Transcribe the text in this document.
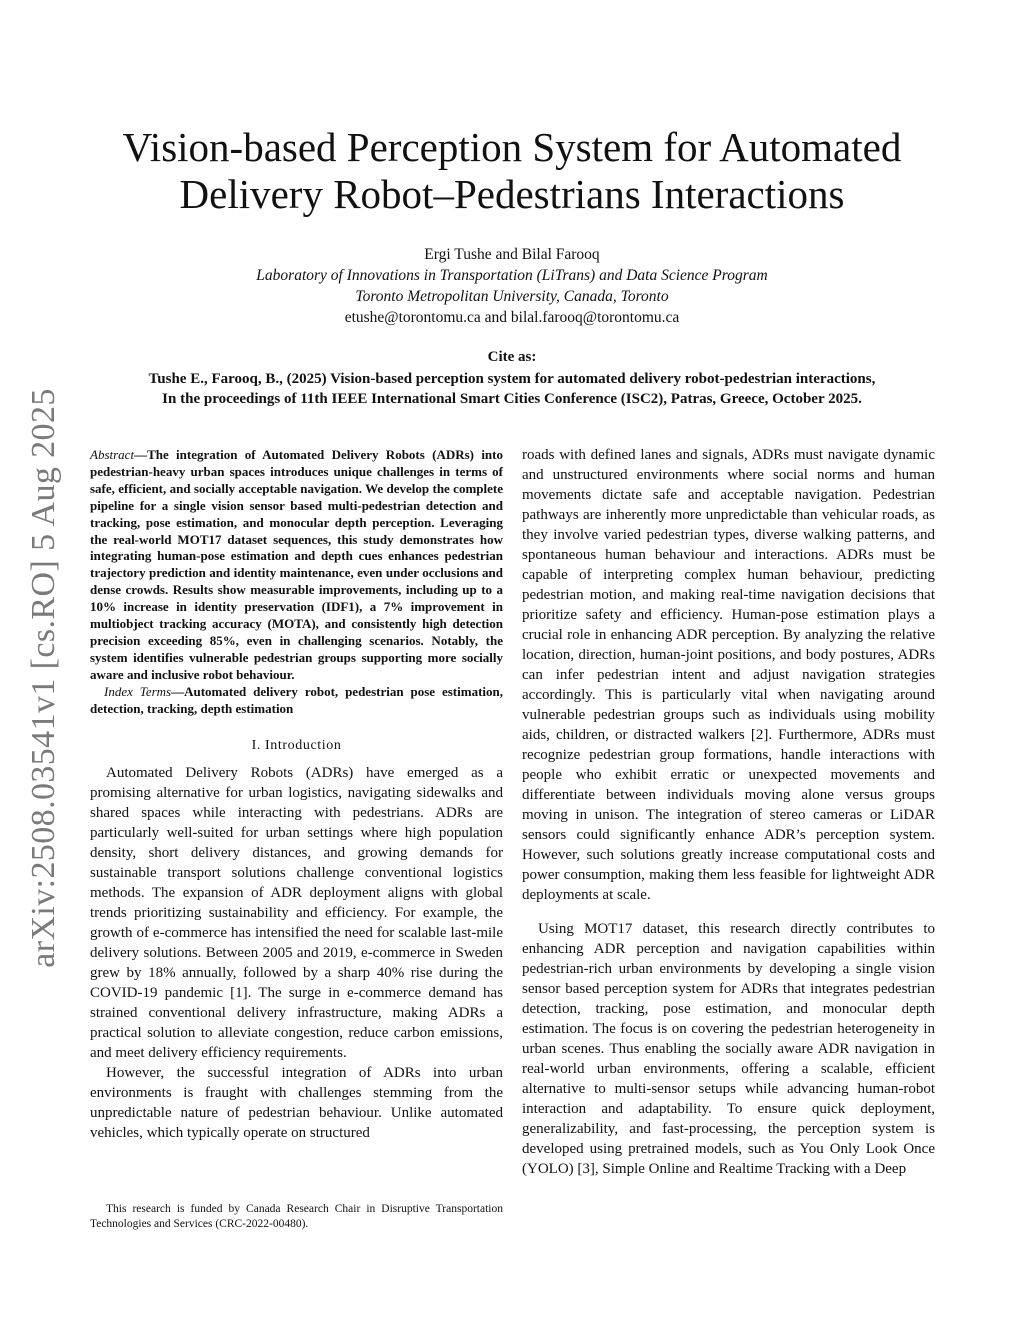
arXiv:2508.03541v1 [cs.RO] 5 Aug 2025
Vision-based Perception System for Automated
Delivery Robot–Pedestrians Interactions
Ergi Tushe and Bilal Farooq
Laboratory of Innovations in Transportation (LiTrans) and Data Science Program
Toronto Metropolitan University, Canada, Toronto
etushe@torontomu.ca and bilal.farooq@torontomu.ca
Cite as:
Tushe E., Farooq, B., (2025) Vision-based perception system for automated delivery robot-pedestrian interactions,
In the proceedings of 11th IEEE International Smart Cities Conference (ISC2), Patras, Greece, October 2025.

Abstract—The integration of Automated Delivery Robots (ADRs) into pedestrian-heavy urban spaces introduces unique challenges in terms of safe, efficient, and socially acceptable navigation. We develop the complete pipeline for a single vision sensor based multi-pedestrian detection and tracking, pose estimation, and monocular depth perception. Leveraging the real-world MOT17 dataset sequences, this study demonstrates how integrating human-pose estimation and depth cues enhances pedestrian trajectory prediction and identity maintenance, even under occlusions and dense crowds. Results show measurable improvements, including up to a 10% increase in identity preservation (IDF1), a 7% improvement in multiobject tracking accuracy (MOTA), and consistently high detection precision exceeding 85%, even in challenging scenarios. Notably, the system identifies vulnerable pedestrian groups supporting more socially aware and inclusive robot behaviour.

Index Terms—Automated delivery robot, pedestrian pose estimation, detection, tracking, depth estimation

I. Introduction

Automated Delivery Robots (ADRs) have emerged as a promising alternative for urban logistics, navigating sidewalks and shared spaces while interacting with pedestrians. ADRs are particularly well-suited for urban settings where high population density, short delivery distances, and growing demands for sustainable transport solutions challenge conventional logistics methods. The expansion of ADR deployment aligns with global trends prioritizing sustainability and efficiency. For example, the growth of e-commerce has intensified the need for scalable last-mile delivery solutions. Between 2005 and 2019, e-commerce in Sweden grew by 18% annually, followed by a sharp 40% rise during the COVID-19 pandemic [1]. The surge in e-commerce demand has strained conventional delivery infrastructure, making ADRs a practical solution to alleviate congestion, reduce carbon emissions, and meet delivery efficiency requirements.

However, the successful integration of ADRs into urban environments is fraught with challenges stemming from the unpredictable nature of pedestrian behaviour. Unlike automated vehicles, which typically operate on structured

roads with defined lanes and signals, ADRs must navigate dynamic and unstructured environments where social norms and human movements dictate safe and acceptable navigation. Pedestrian pathways are inherently more unpredictable than vehicular roads, as they involve varied pedestrian types, diverse walking patterns, and spontaneous human behaviour and interactions. ADRs must be capable of interpreting complex human behaviour, predicting pedestrian motion, and making real-time navigation decisions that prioritize safety and efficiency. Human-pose estimation plays a crucial role in enhancing ADR perception. By analyzing the relative location, direction, human-joint positions, and body postures, ADRs can infer pedestrian intent and adjust navigation strategies accordingly. This is particularly vital when navigating around vulnerable pedestrian groups such as individuals using mobility aids, children, or distracted walkers [2]. Furthermore, ADRs must recognize pedestrian group formations, handle interactions with people who exhibit erratic or unexpected movements and differentiate between individuals moving alone versus groups moving in unison. The integration of stereo cameras or LiDAR sensors could significantly enhance ADR’s perception system. However, such solutions greatly increase computational costs and power consumption, making them less feasible for lightweight ADR deployments at scale.

Using MOT17 dataset, this research directly contributes to enhancing ADR perception and navigation capabilities within pedestrian-rich urban environments by developing a single vision sensor based perception system for ADRs that integrates pedestrian detection, tracking, pose estimation, and monocular depth estimation. The focus is on covering the pedestrian heterogeneity in urban scenes. Thus enabling the socially aware ADR navigation in real-world urban environments, offering a scalable, efficient alternative to multi-sensor setups while advancing human-robot interaction and adaptability. To ensure quick deployment, generalizability, and fast-processing, the perception system is developed using pretrained models, such as You Only Look Once (YOLO) [3], Simple Online and Realtime Tracking with a Deep

This research is funded by Canada Research Chair in Disruptive Transportation Technologies and Services (CRC-2022-00480).
